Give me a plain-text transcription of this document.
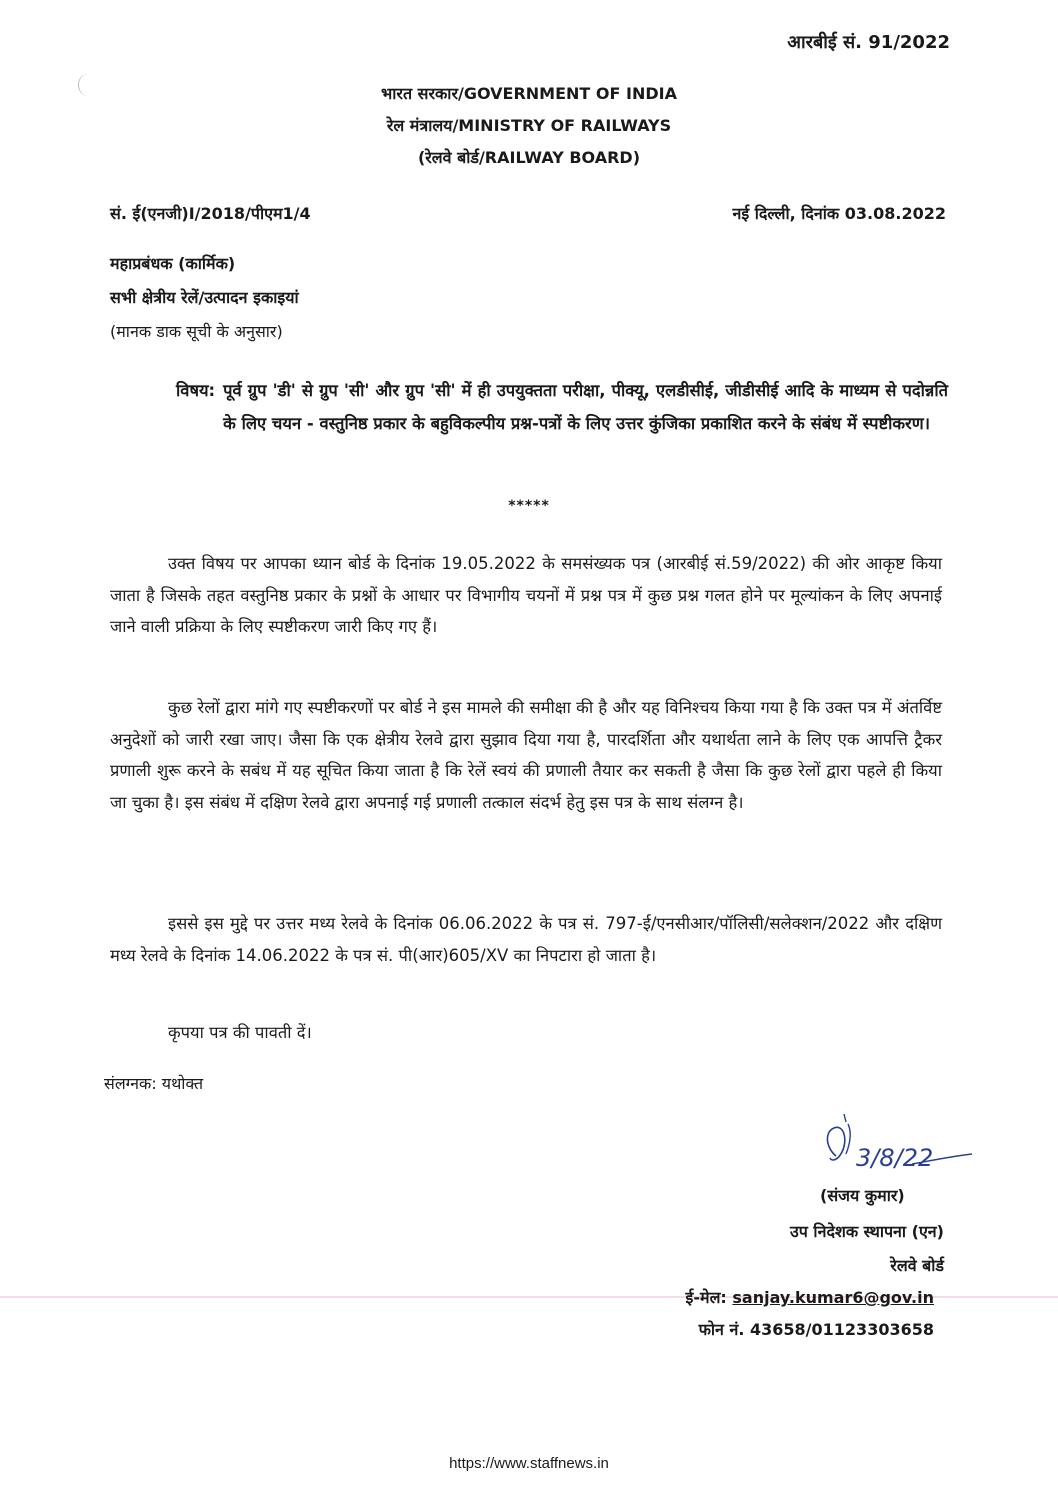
आरबीई सं. 91/2022
भारत सरकार/GOVERNMENT OF INDIA
रेल मंत्रालय/MINISTRY OF RAILWAYS
(रेलवे बोर्ड/RAILWAY BOARD)
सं. ई(एनजी)I/2018/पीएम1/4	नई दिल्ली, दिनांक 03.08.2022
महाप्रबंधक (कार्मिक)
सभी क्षेत्रीय रेलें/उत्पादन इकाइयां
(मानक डाक सूची के अनुसार)
विषय: पूर्व ग्रुप 'डी' से ग्रुप 'सी' और ग्रुप 'सी' में ही उपयुक्तता परीक्षा, पीक्यू, एलडीसीई, जीडीसीई आदि के माध्यम से पदोन्नति के लिए चयन - वस्तुनिष्ठ प्रकार के बहुविकल्पीय प्रश्न-पत्रों के लिए उत्तर कुंजिका प्रकाशित करने के संबंध में स्पष्टीकरण।
*****

उक्त विषय पर आपका ध्यान बोर्ड के दिनांक 19.05.2022 के समसंख्यक पत्र (आरबीई सं.59/2022) की ओर आकृष्ट किया जाता है जिसके तहत वस्तुनिष्ठ प्रकार के प्रश्नों के आधार पर विभागीय चयनों में प्रश्न पत्र में कुछ प्रश्न गलत होने पर मूल्यांकन के लिए अपनाई जाने वाली प्रक्रिया के लिए स्पष्टीकरण जारी किए गए हैं।

कुछ रेलों द्वारा मांगे गए स्पष्टीकरणों पर बोर्ड ने इस मामले की समीक्षा की है और यह विनिश्चय किया गया है कि उक्त पत्र में अंतर्विष्ट अनुदेशों को जारी रखा जाए। जैसा कि एक क्षेत्रीय रेलवे द्वारा सुझाव दिया गया है, पारदर्शिता और यथार्थता लाने के लिए एक आपत्ति ट्रैकर प्रणाली शुरू करने के सबंध में यह सूचित किया जाता है कि रेलें स्वयं की प्रणाली तैयार कर सकती है जैसा कि कुछ रेलों द्वारा पहले ही किया जा चुका है। इस संबंध में दक्षिण रेलवे द्वारा अपनाई गई प्रणाली तत्काल संदर्भ हेतु इस पत्र के साथ संलग्न है।

इससे इस मुद्दे पर उत्तर मध्य रेलवे के दिनांक 06.06.2022 के पत्र सं. 797-ई/एनसीआर/पॉलिसी/सलेक्शन/2022 और दक्षिण मध्य रेलवे के दिनांक 14.06.2022 के पत्र सं. पी(आर)605/XV का निपटारा हो जाता है।

कृपया पत्र की पावती दें।
संलग्नक: यथोक्त
3/8/22
(संजय कुमार)
उप निदेशक स्थापना (एन)
रेलवे बोर्ड
ई-मेल: sanjay.kumar6@gov.in
फोन नं. 43658/01123303658
https://www.staffnews.in
